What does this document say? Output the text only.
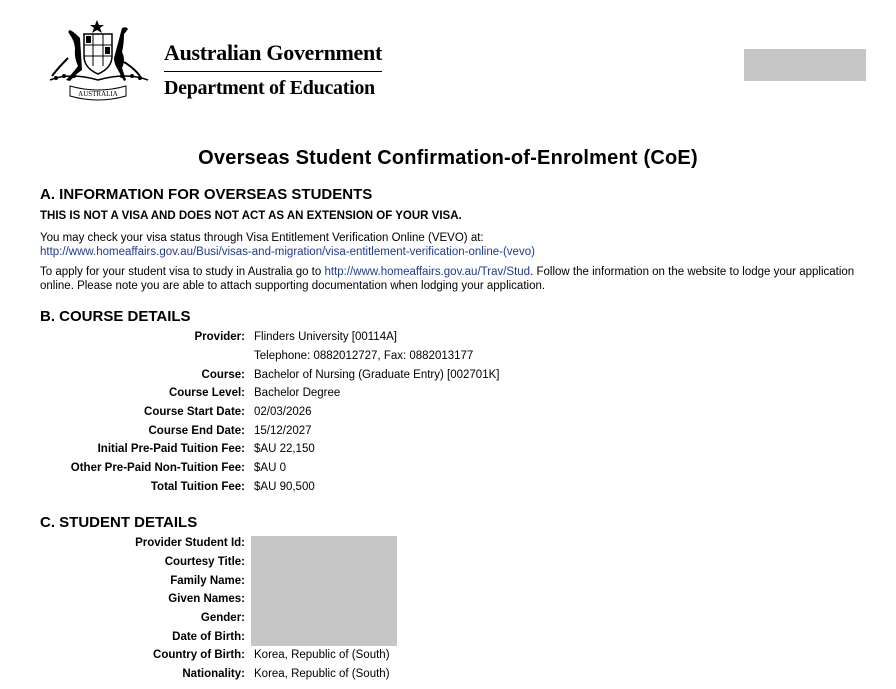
AUSTRALIA
Australian Government
Department of Education
Overseas Student Confirmation-of-Enrolment (CoE)
A. INFORMATION FOR OVERSEAS STUDENTS
THIS IS NOT A VISA AND DOES NOT ACT AS AN EXTENSION OF YOUR VISA.
You may check your visa status through Visa Entitlement Verification Online (VEVO) at:
http://www.homeaffairs.gov.au/Busi/visas-and-migration/visa-entitlement-verification-online-(vevo)
To apply for your student visa to study in Australia go to http://www.homeaffairs.gov.au/Trav/Stud. Follow the information on the website to lodge your application online. Please note you are able to attach supporting documentation when lodging your application.
B. COURSE DETAILS
Provider: Flinders University [00114A]
Telephone: 0882012727, Fax: 0882013177
Course: Bachelor of Nursing (Graduate Entry) [002701K]
Course Level: Bachelor Degree
Course Start Date: 02/03/2026
Course End Date: 15/12/2027
Initial Pre-Paid Tuition Fee: $AU 22,150
Other Pre-Paid Non-Tuition Fee: $AU 0
Total Tuition Fee: $AU 90,500
C. STUDENT DETAILS
Provider Student Id:
Courtesy Title:
Family Name:
Given Names:
Gender:
Date of Birth:
Country of Birth: Korea, Republic of (South)
Nationality: Korea, Republic of (South)
